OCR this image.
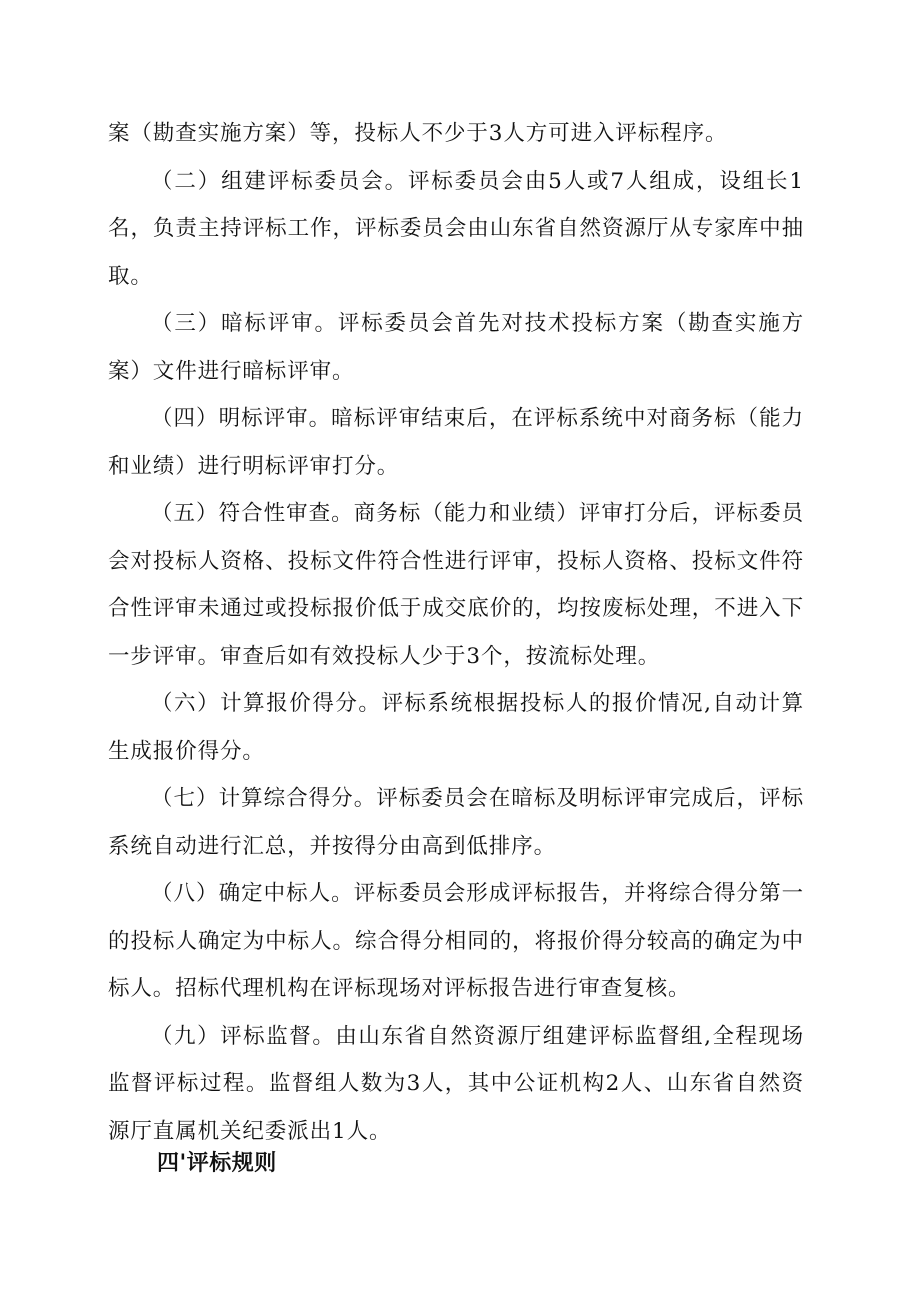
案（勘查实施方案）等，投标人不少于3人方可进入评标程序。

（二）组建评标委员会。评标委员会由5人或7人组成，设组长1名，负责主持评标工作，评标委员会由山东省自然资源厅从专家库中抽取。

（三）暗标评审。评标委员会首先对技术投标方案（勘查实施方案）文件进行暗标评审。

（四）明标评审。暗标评审结束后，在评标系统中对商务标（能力和业绩）进行明标评审打分。

（五）符合性审查。商务标（能力和业绩）评审打分后，评标委员会对投标人资格、投标文件符合性进行评审，投标人资格、投标文件符合性评审未通过或投标报价低于成交底价的，均按废标处理，不进入下一步评审。审查后如有效投标人少于3个，按流标处理。

（六）计算报价得分。评标系统根据投标人的报价情况,自动计算生成报价得分。

（七）计算综合得分。评标委员会在暗标及明标评审完成后，评标系统自动进行汇总，并按得分由高到低排序。

（八）确定中标人。评标委员会形成评标报告，并将综合得分第一的投标人确定为中标人。综合得分相同的，将报价得分较高的确定为中标人。招标代理机构在评标现场对评标报告进行审查复核。

（九）评标监督。由山东省自然资源厅组建评标监督组,全程现场监督评标过程。监督组人数为3人，其中公证机构2人、山东省自然资源厅直属机关纪委派出1人。

四'评标规则
